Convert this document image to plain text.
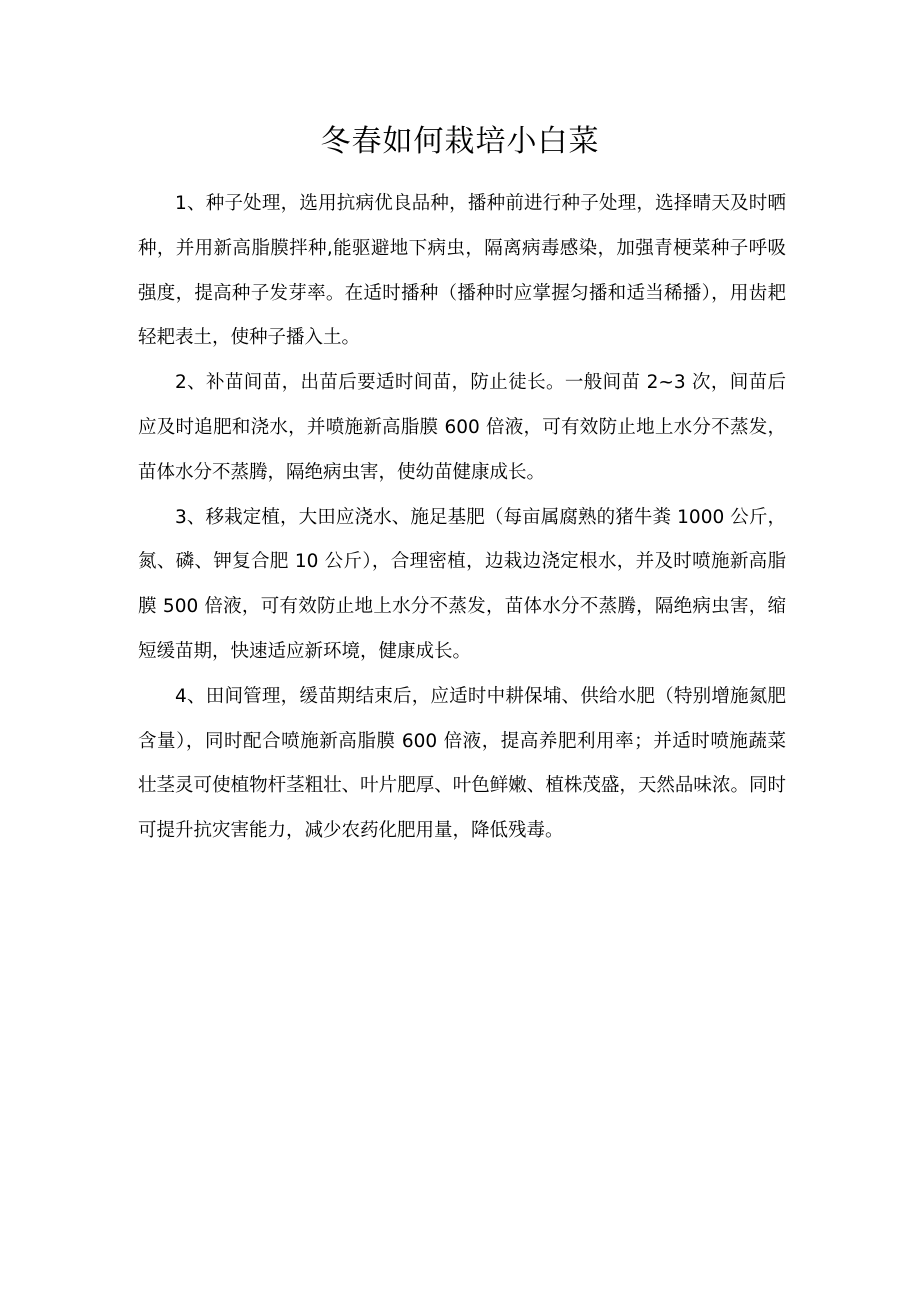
冬春如何栽培小白菜

1、种子处理，选用抗病优良品种，播种前进行种子处理，选择晴天及时晒种，并用新高脂膜拌种,能驱避地下病虫，隔离病毒感染，加强青梗菜种子呼吸强度，提高种子发芽率。在适时播种（播种时应掌握匀播和适当稀播），用齿耙轻耙表土，使种子播入土。

2、补苗间苗，出苗后要适时间苗，防止徒长。一般间苗 2~3 次，间苗后应及时追肥和浇水，并喷施新高脂膜 600 倍液，可有效防止地上水分不蒸发，苗体水分不蒸腾，隔绝病虫害，使幼苗健康成长。

3、移栽定植，大田应浇水、施足基肥（每亩属腐熟的猪牛粪 1000 公斤，氮、磷、钾复合肥 10 公斤），合理密植，边栽边浇定根水，并及时喷施新高脂膜 500 倍液，可有效防止地上水分不蒸发，苗体水分不蒸腾，隔绝病虫害，缩短缓苗期，快速适应新环境，健康成长。

4、田间管理，缓苗期结束后，应适时中耕保埔、供给水肥（特别增施氮肥含量），同时配合喷施新高脂膜 600 倍液，提高养肥利用率；并适时喷施蔬菜壮茎灵可使植物杆茎粗壮、叶片肥厚、叶色鲜嫩、植株茂盛，天然品味浓。同时可提升抗灾害能力，减少农药化肥用量，降低残毒。
